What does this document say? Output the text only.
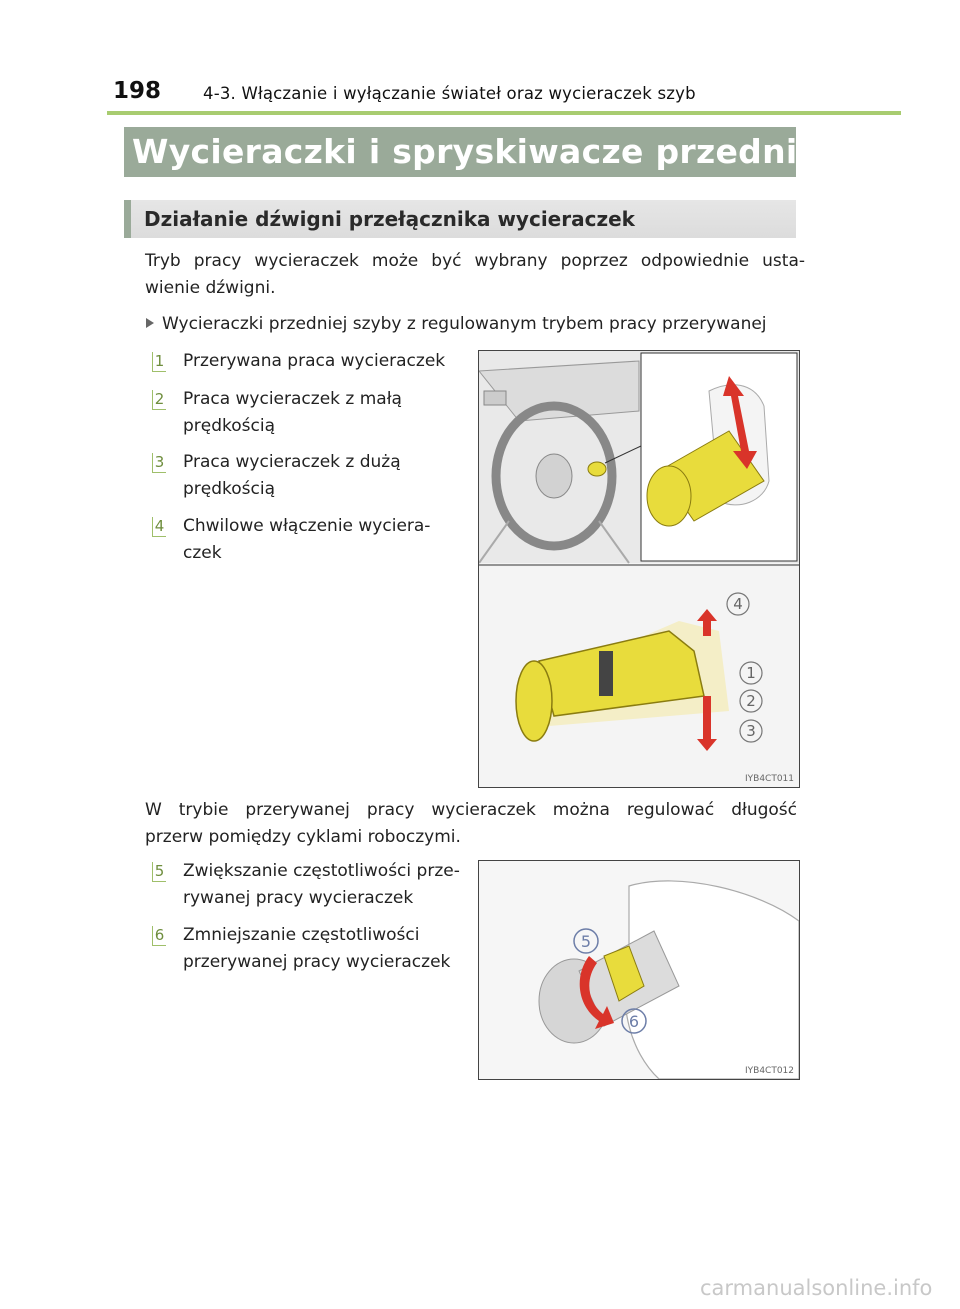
198	4-3. Włączanie i wyłączanie świateł oraz wycieraczek szyb
Wycieraczki i spryskiwacze przedniej szyby
Działanie dźwigni przełącznika wycieraczek
Tryb pracy wycieraczek może być wybrany poprzez odpowiednie usta-
wienie dźwigni.
Wycieraczki przedniej szyby z regulowanym trybem pracy przerywanej
1 Przerywana praca wycieraczek
2 Praca wycieraczek z małą
prędkością
3 Praca wycieraczek z dużą
prędkością
4 Chwilowe włączenie wyciera-
czek
4
1
2
3
IYB4CT011
W trybie przerywanej pracy wycieraczek można regulować długość
przerw pomiędzy cyklami roboczymi.
5 Zwiększanie częstotliwości prze-
rywanej pracy wycieraczek
6 Zmniejszanie częstotliwości
przerywanej pracy wycieraczek
5
6
IYB4CT012
carmanualsonline.info
